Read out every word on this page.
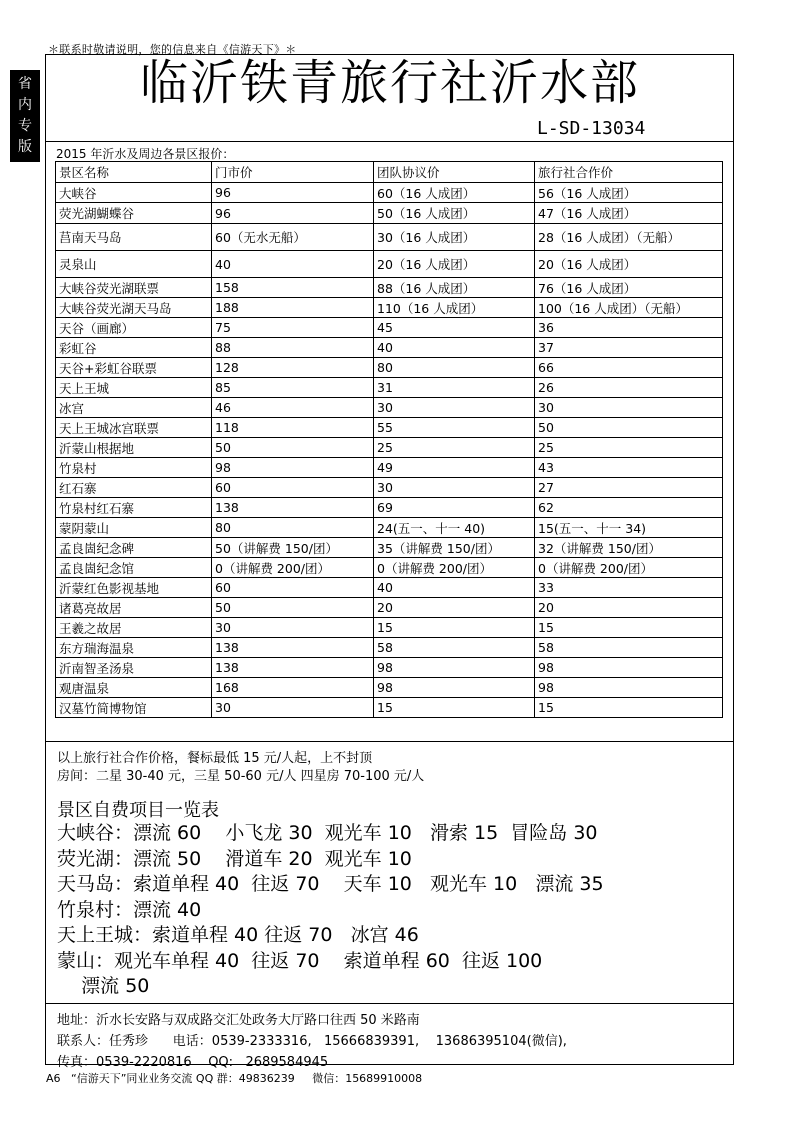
＊联系时敬请说明，您的信息来自《信游天下》＊
省
内
专
版
临沂铁青旅行社沂水部
L-SD-13034
2015 年沂水及周边各景区报价：
景区名称	门市价	团队协议价	旅行社合作价
大峡谷	96	60（16 人成团）	56（16 人成团）
荧光湖蝴蝶谷	96	50（16 人成团）	47（16 人成团）
莒南天马岛	60（无水无船）	30（16 人成团）	28（16 人成团）（无船）
灵泉山	40	20（16 人成团）	20（16 人成团）
大峡谷荧光湖联票	158	88（16 人成团）	76（16 人成团）
大峡谷荧光湖天马岛	188	110（16 人成团）	100（16 人成团）（无船）
天谷（画廊）	75	45	36
彩虹谷	88	40	37
天谷+彩虹谷联票	128	80	66
天上王城	85	31	26
冰宫	46	30	30
天上王城冰宫联票	118	55	50
沂蒙山根据地	50	25	25
竹泉村	98	49	43
红石寨	60	30	27
竹泉村红石寨	138	69	62
蒙阴蒙山	80	24(五一、十一 40)	15(五一、十一 34)
孟良崮纪念碑	50（讲解费 150/团）	35（讲解费 150/团）	32（讲解费 150/团）
孟良崮纪念馆	0（讲解费 200/团）	0（讲解费 200/团）	0（讲解费 200/团）
沂蒙红色影视基地	60	40	33
诸葛亮故居	50	20	20
王羲之故居	30	15	15
东方瑞海温泉	138	58	58
沂南智圣汤泉	138	98	98
观唐温泉	168	98	98
汉墓竹简博物馆	30	15	15
以上旅行社合作价格，餐标最低 15 元/人起，上不封顶
房间：二星 30-40 元，三星 50-60 元/人 四星房 70-100 元/人
景区自费项目一览表
大峡谷：漂流 60    小飞龙 30  观光车 10   滑索 15  冒险岛 30
荧光湖：漂流 50    滑道车 20  观光车 10
天马岛：索道单程 40  往返 70    天车 10   观光车 10   漂流 35
竹泉村：漂流 40
天上王城：索道单程 40 往返 70   冰宫 46
蒙山：观光车单程 40  往返 70    索道单程 60  往返 100
漂流 50
地址：沂水长安路与双成路交汇处政务大厅路口往西 50 米路南
联系人：任秀珍      电话：0539-2333316,   15666839391,    13686395104(微信),
传真：0539-2220816    QQ:   2689584945
A6   “信游天下”同业业务交流 QQ 群：49836239     微信：15689910008
